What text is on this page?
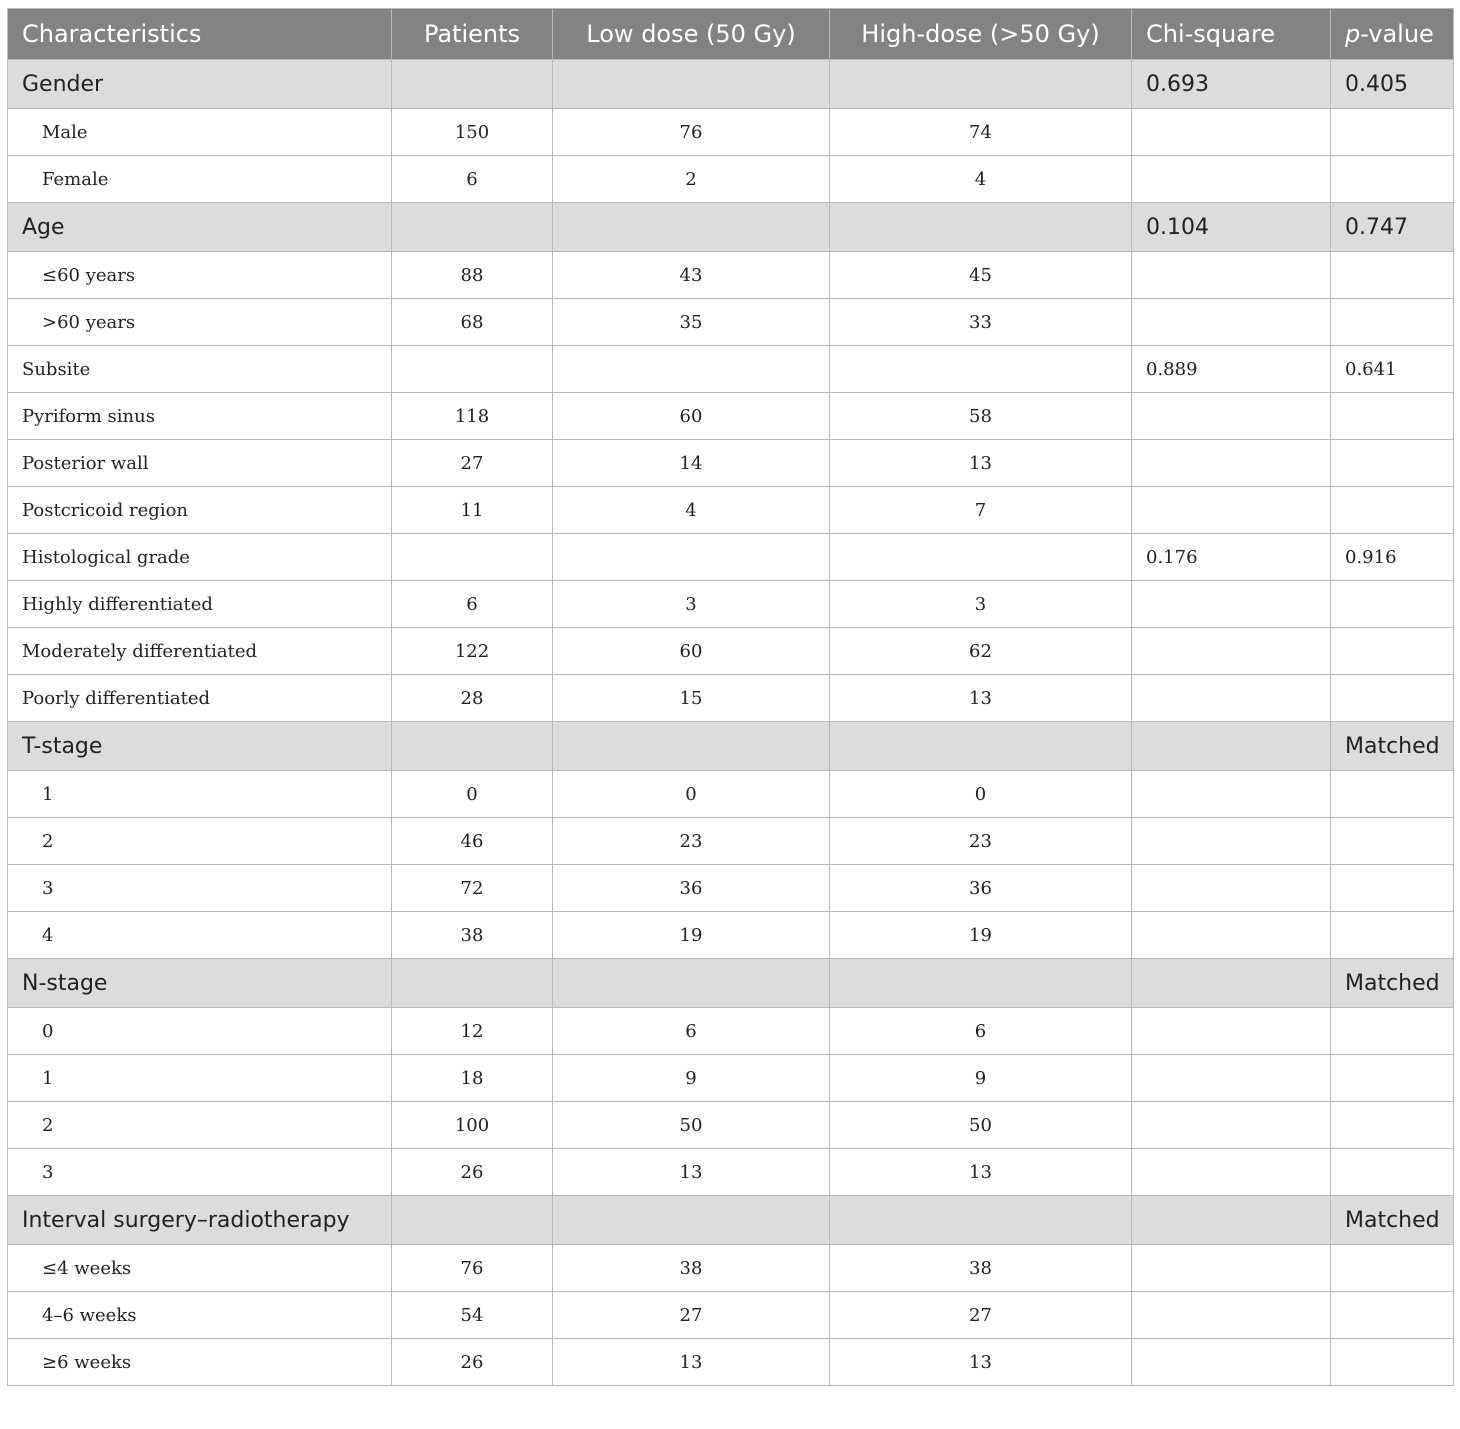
Characteristics	Patients	Low dose (50 Gy)	High-dose (>50 Gy)	Chi-square	p-value
Gender				0.693	0.405
Male	150	76	74		
Female	6	2	4		
Age				0.104	0.747
≤60 years	88	43	45		
>60 years	68	35	33		
Subsite				0.889	0.641
Pyriform sinus	118	60	58		
Posterior wall	27	14	13		
Postcricoid region	11	4	7		
Histological grade				0.176	0.916
Highly differentiated	6	3	3		
Moderately differentiated	122	60	62		
Poorly differentiated	28	15	13		
T-stage					Matched
1	0	0	0		
2	46	23	23		
3	72	36	36		
4	38	19	19		
N-stage					Matched
0	12	6	6		
1	18	9	9		
2	100	50	50		
3	26	13	13		
Interval surgery–radiotherapy					Matched
≤4 weeks	76	38	38		
4–6 weeks	54	27	27		
≥6 weeks	26	13	13		
